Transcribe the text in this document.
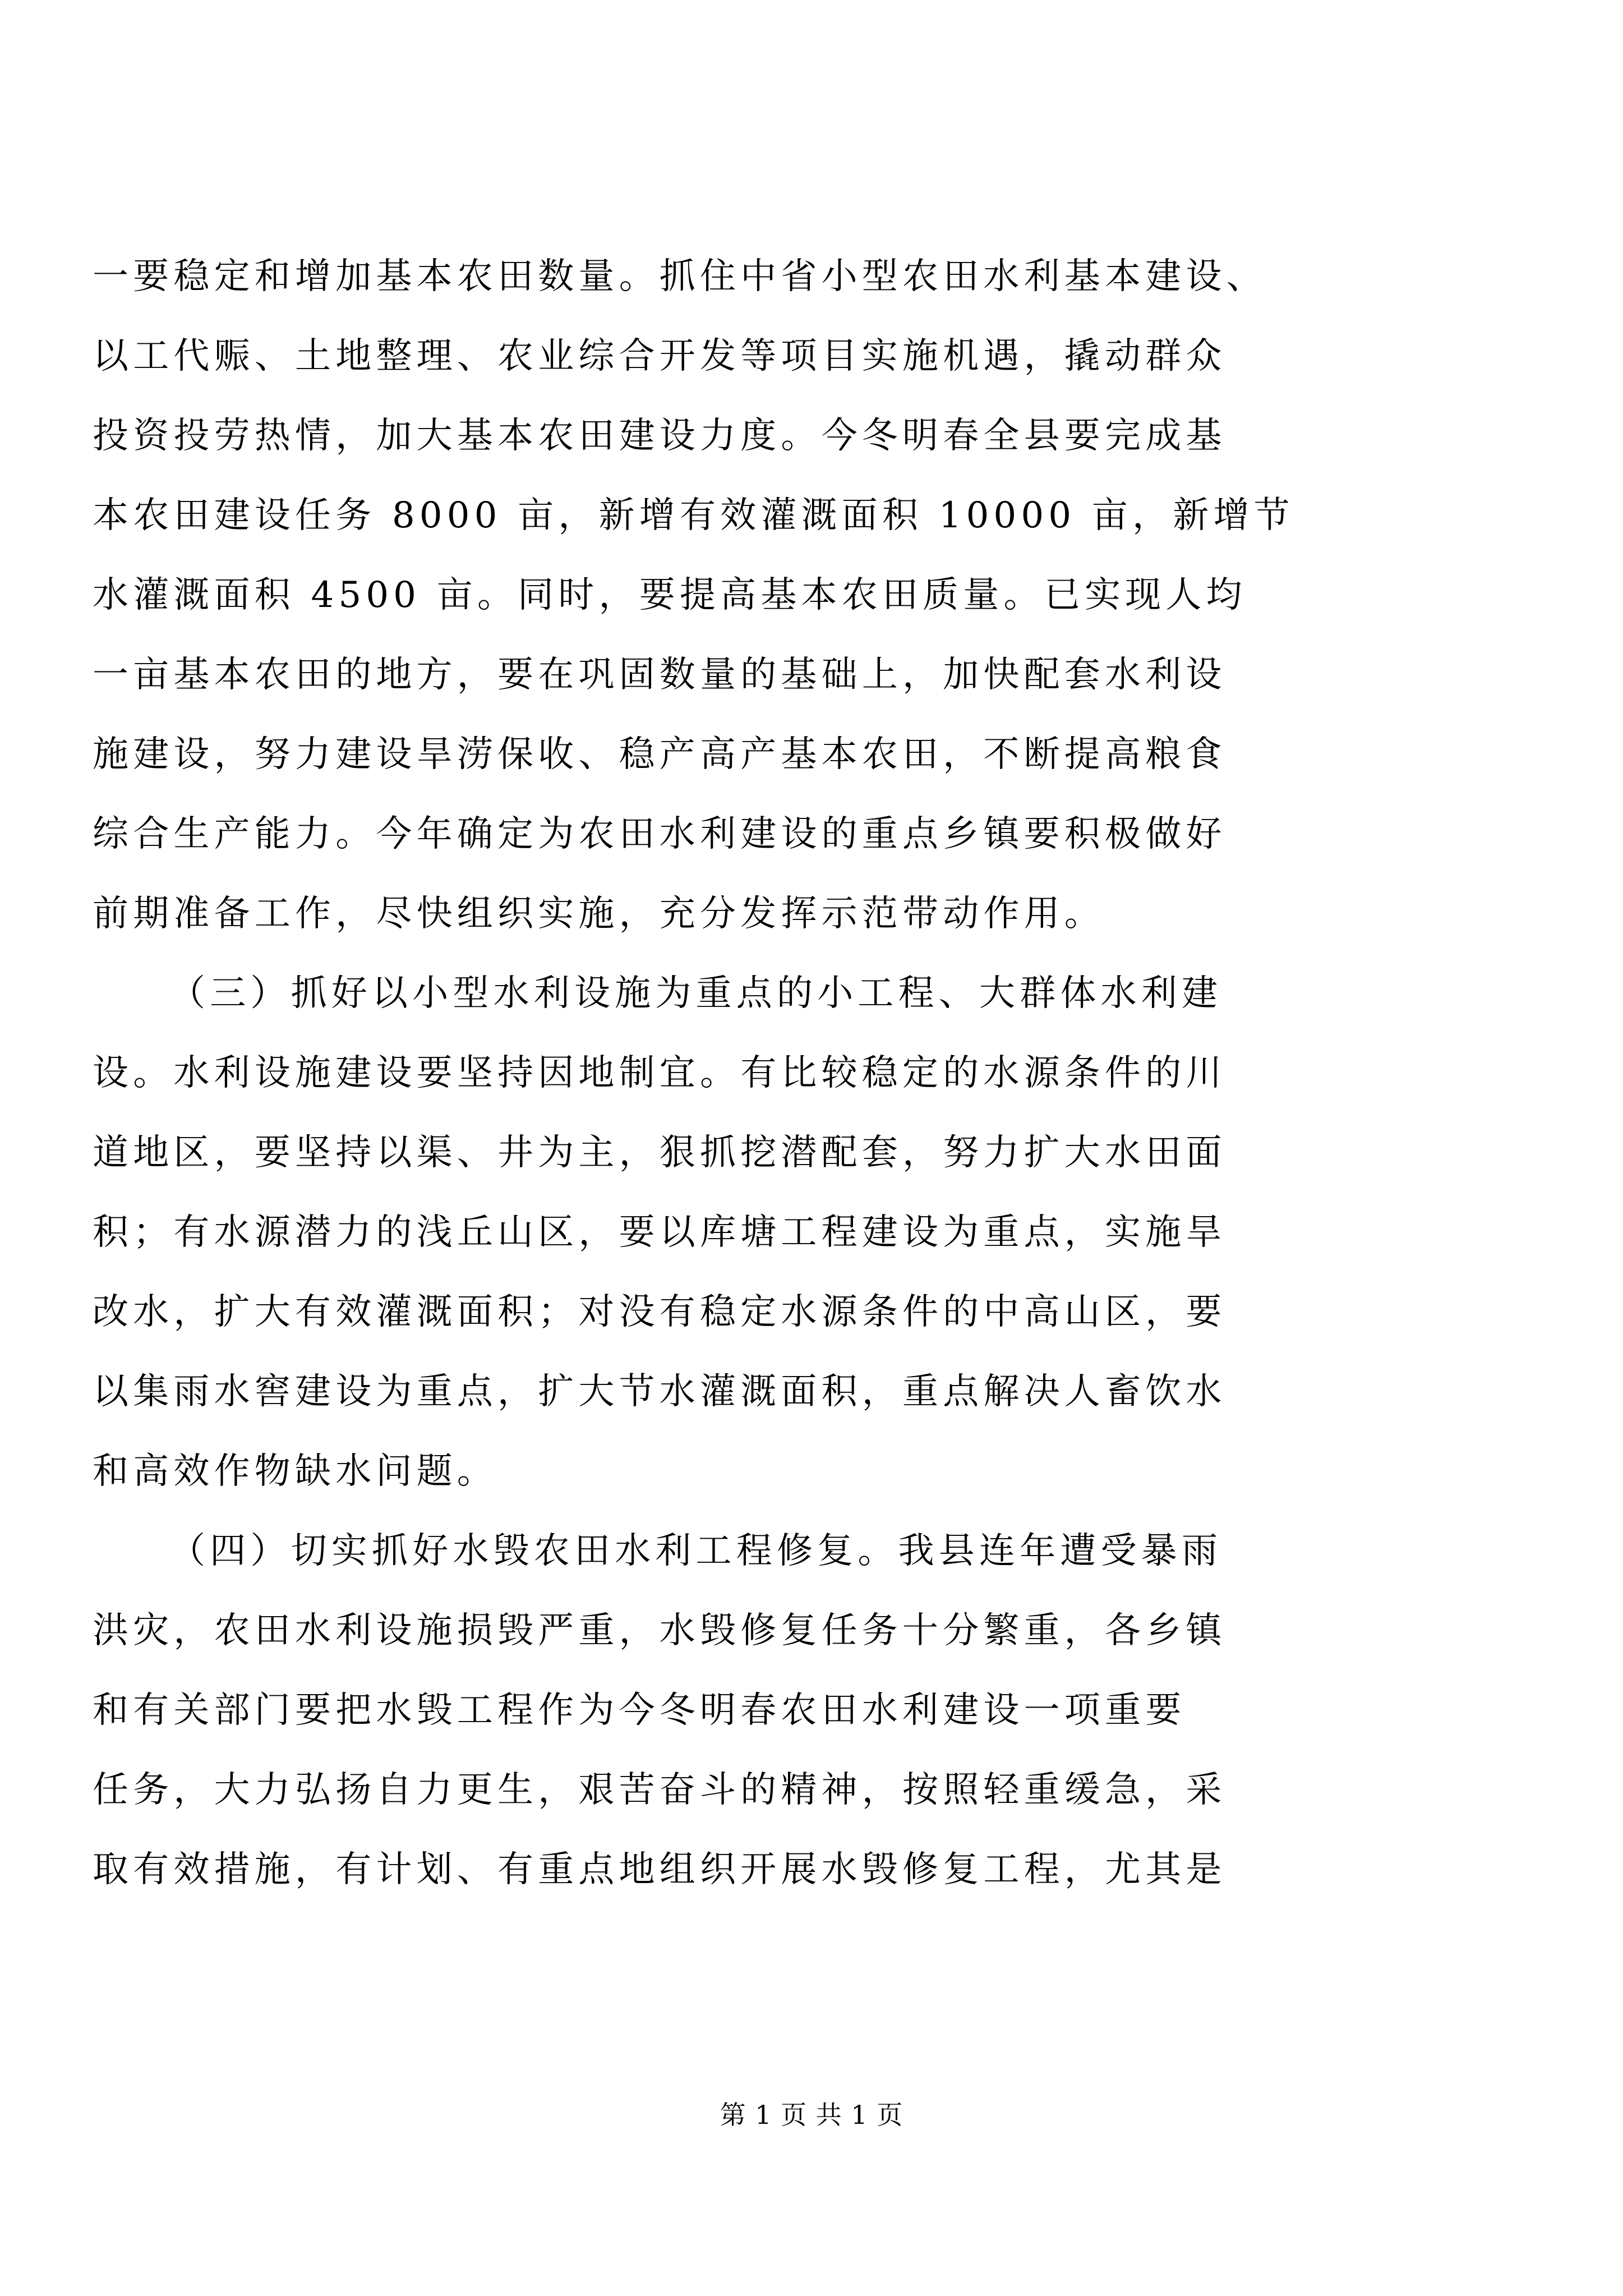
一要稳定和增加基本农田数量。抓住中省小型农田水利基本建设、
以工代赈、土地整理、农业综合开发等项目实施机遇，撬动群众
投资投劳热情，加大基本农田建设力度。今冬明春全县要完成基
本农田建设任务 8000 亩，新增有效灌溉面积 10000 亩，新增节
水灌溉面积 4500 亩。同时，要提高基本农田质量。已实现人均
一亩基本农田的地方，要在巩固数量的基础上，加快配套水利设
施建设，努力建设旱涝保收、稳产高产基本农田，不断提高粮食
综合生产能力。今年确定为农田水利建设的重点乡镇要积极做好
前期准备工作，尽快组织实施，充分发挥示范带动作用。
（三）抓好以小型水利设施为重点的小工程、大群体水利建
设。水利设施建设要坚持因地制宜。有比较稳定的水源条件的川
道地区，要坚持以渠、井为主，狠抓挖潜配套，努力扩大水田面
积；有水源潜力的浅丘山区，要以库塘工程建设为重点，实施旱
改水，扩大有效灌溉面积；对没有稳定水源条件的中高山区，要
以集雨水窖建设为重点，扩大节水灌溉面积，重点解决人畜饮水
和高效作物缺水问题。
（四）切实抓好水毁农田水利工程修复。我县连年遭受暴雨
洪灾，农田水利设施损毁严重，水毁修复任务十分繁重，各乡镇
和有关部门要把水毁工程作为今冬明春农田水利建设一项重要
任务，大力弘扬自力更生，艰苦奋斗的精神，按照轻重缓急，采
取有效措施，有计划、有重点地组织开展水毁修复工程，尤其是
第 1 页 共 1 页
